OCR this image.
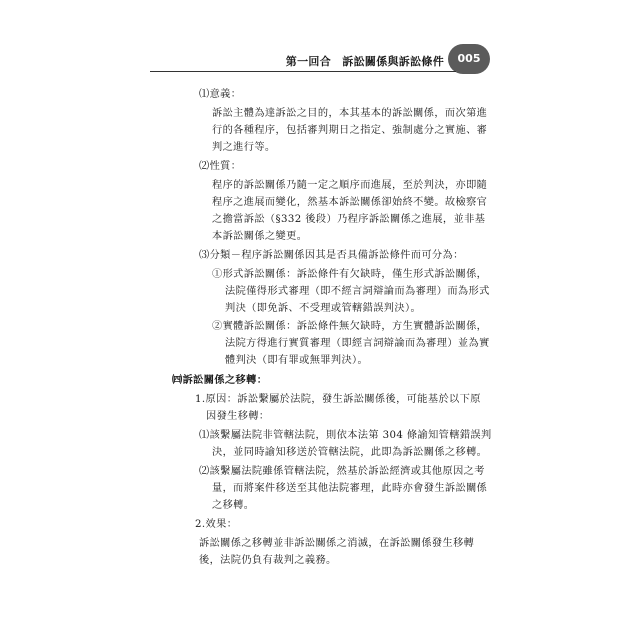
第一回合　訴訟關係與訴訟條件	005
⑴意義：
訴訟主體為達訴訟之目的，本其基本的訴訟關係，而次第進
行的各種程序，包括審判期日之指定、強制處分之實施、審
判之進行等。
⑵性質：
程序的訴訟關係乃隨一定之順序而進展，至於判決，亦即隨
程序之進展而變化，然基本訴訟關係卻始終不變。故檢察官
之擔當訴訟（§332 後段）乃程序訴訟關係之進展，並非基
本訴訟關係之變更。
⑶分類－程序訴訟關係因其是否具備訴訟條件而可分為：
①形式訴訟關係：訴訟條件有欠缺時，僅生形式訴訟關係，
法院僅得形式審理（即不經言詞辯論而為審理）而為形式
判決（即免訴、不受理或管轄錯誤判決）。
②實體訴訟關係：訴訟條件無欠缺時，方生實體訴訟關係，
法院方得進行實質審理（即經言詞辯論而為審理）並為實
體判決（即有罪或無罪判決）。
㈣訴訟關係之移轉：
1.原因：訴訟繫屬於法院，發生訴訟關係後，可能基於以下原
因發生移轉：
⑴該繫屬法院非管轄法院，則依本法第 304 條諭知管轄錯誤判
決，並同時諭知移送於管轄法院，此即為訴訟關係之移轉。
⑵該繫屬法院雖係管轄法院，然基於訴訟經濟或其他原因之考
量，而將案件移送至其他法院審理，此時亦會發生訴訟關係
之移轉。
2.效果：
訴訟關係之移轉並非訴訟關係之消滅，在訴訟關係發生移轉
後，法院仍負有裁判之義務。
